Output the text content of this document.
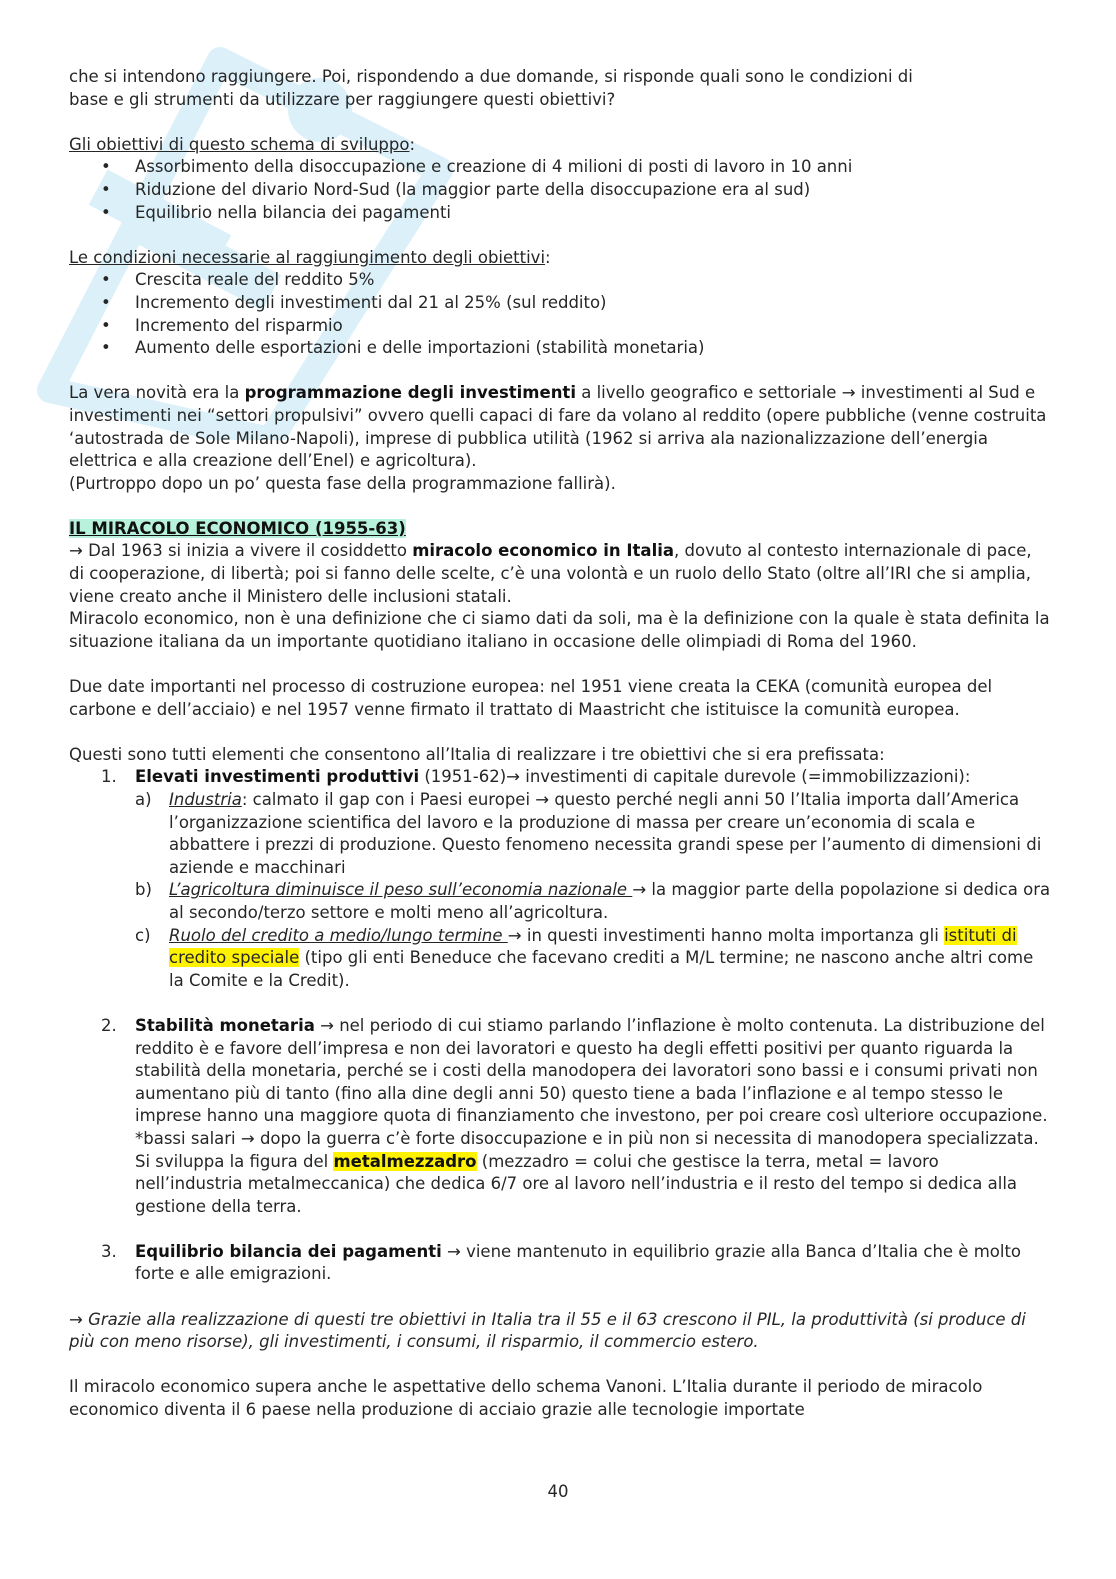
che si intendono raggiungere. Poi, rispondendo a due domande, si risponde quali sono le condizioni di

base e gli strumenti da utilizzare per raggiungere questi obiettivi?

Gli obiettivi di questo schema di sviluppo:

• Assorbimento della disoccupazione e creazione di 4 milioni di posti di lavoro in 10 anni
• Riduzione del divario Nord-Sud (la maggior parte della disoccupazione era al sud)
• Equilibrio nella bilancia dei pagamenti

Le condizioni necessarie al raggiungimento degli obiettivi:

• Crescita reale del reddito 5%
• Incremento degli investimenti dal 21 al 25% (sul reddito)
• Incremento del risparmio
• Aumento delle esportazioni e delle importazioni (stabilità monetaria)

La vera novità era la programmazione degli investimenti a livello geografico e settoriale → investimenti al Sud e investimenti nei “settori propulsivi” ovvero quelli capaci di fare da volano al reddito (opere pubbliche (venne costruita ‘autostrada de Sole Milano-Napoli), imprese di pubblica utilità (1962 si arriva ala nazionalizzazione dell’energia elettrica e alla creazione dell’Enel) e agricoltura).

(Purtroppo dopo un po’ questa fase della programmazione fallirà).

IL MIRACOLO ECONOMICO (1955-63)

→ Dal 1963 si inizia a vivere il cosiddetto miracolo economico in Italia, dovuto al contesto internazionale di pace, di cooperazione, di libertà; poi si fanno delle scelte, c’è una volontà e un ruolo dello Stato (oltre all’IRI che si amplia, viene creato anche il Ministero delle inclusioni statali.

Miracolo economico, non è una definizione che ci siamo dati da soli, ma è la definizione con la quale è stata definita la situazione italiana da un importante quotidiano italiano in occasione delle olimpiadi di Roma del 1960.

Due date importanti nel processo di costruzione europea: nel 1951 viene creata la CEKA (comunità europea del carbone e dell’acciaio) e nel 1957 venne firmato il trattato di Maastricht che istituisce la comunità europea.

Questi sono tutti elementi che consentono all’Italia di realizzare i tre obiettivi che si era prefissata:

1. Elevati investimenti produttivi (1951-62)→ investimenti di capitale durevole (=immobilizzazioni):
a) Industria: calmato il gap con i Paesi europei → questo perché negli anni 50 l’Italia importa dall’America l’organizzazione scientifica del lavoro e la produzione di massa per creare un’economia di scala e abbattere i prezzi di produzione. Questo fenomeno necessita grandi spese per l’aumento di dimensioni di aziende e macchinari
b) L’agricoltura diminuisce il peso sull’economia nazionale → la maggior parte della popolazione si dedica ora al secondo/terzo settore e molti meno all’agricoltura.
c) Ruolo del credito a medio/lungo termine → in questi investimenti hanno molta importanza gli istituti di credito speciale (tipo gli enti Beneduce che facevano crediti a M/L termine; ne nascono anche altri come la Comite e la Credit).
2. Stabilità monetaria → nel periodo di cui stiamo parlando l’inflazione è molto contenuta. La distribuzione del reddito è e favore dell’impresa e non dei lavoratori e questo ha degli effetti positivi per quanto riguarda la stabilità della monetaria, perché se i costi della manodopera dei lavoratori sono bassi e i consumi privati non aumentano più di tanto (fino alla dine degli anni 50) questo tiene a bada l’inflazione e al tempo stesso le imprese hanno una maggiore quota di finanziamento che investono, per poi creare così ulteriore occupazione.
*bassi salari → dopo la guerra c’è forte disoccupazione e in più non si necessita di manodopera specializzata. Si sviluppa la figura del metalmezzadro (mezzadro = colui che gestisce la terra, metal = lavoro nell’industria metalmeccanica) che dedica 6/7 ore al lavoro nell’industria e il resto del tempo si dedica alla gestione della terra.
3. Equilibrio bilancia dei pagamenti → viene mantenuto in equilibrio grazie alla Banca d’Italia che è molto forte e alle emigrazioni.

→ Grazie alla realizzazione di questi tre obiettivi in Italia tra il 55 e il 63 crescono il PIL, la produttività (si produce di più con meno risorse), gli investimenti, i consumi, il risparmio, il commercio estero.

Il miracolo economico supera anche le aspettative dello schema Vanoni. L’Italia durante il periodo de miracolo economico diventa il 6 paese nella produzione di acciaio grazie alle tecnologie importate

40
